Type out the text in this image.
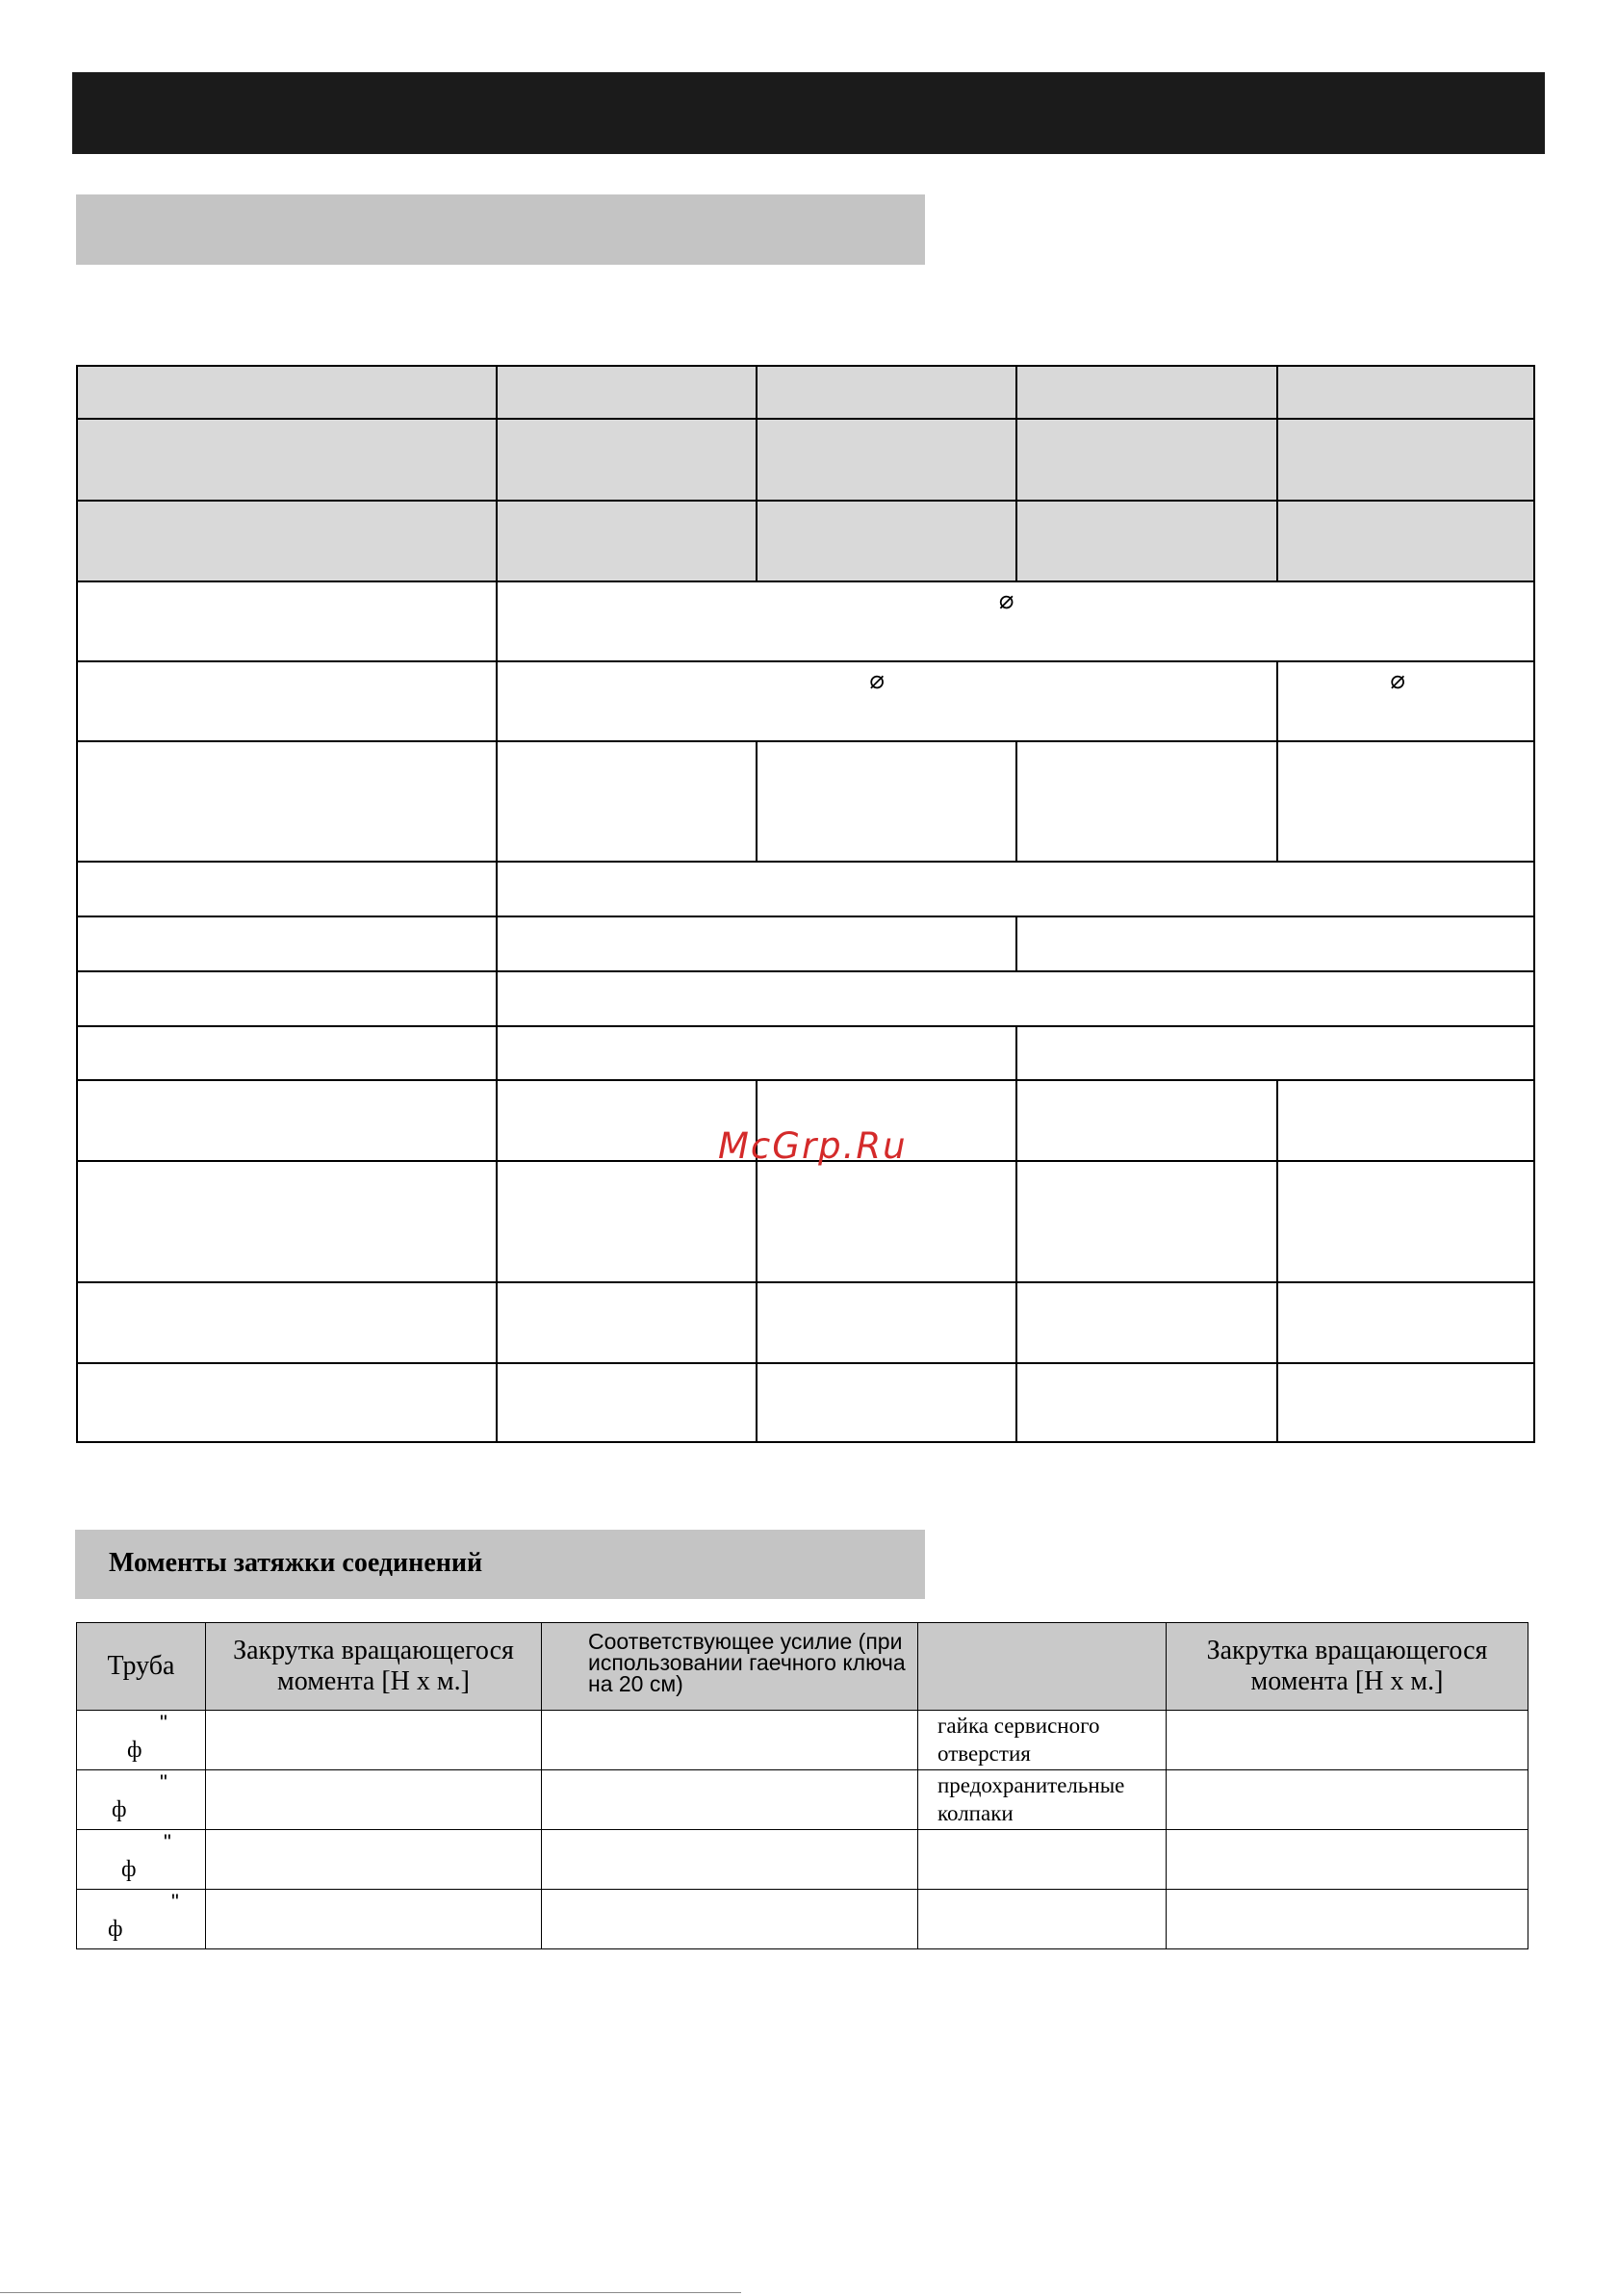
	⌀			
	⌀			⌀

McGrp.Ru
Моменты затяжки соединений
Труба	Закрутка вращающегося момента [Н х м.]	Соответствующее усилие (при использовании гаечного ключа на 20 см)		Закрутка вращающегося момента [Н х м.]

"
ф			гайка сервисного отверстия	

"
ф			предохранительные колпаки	

"
ф				

"
ф				
